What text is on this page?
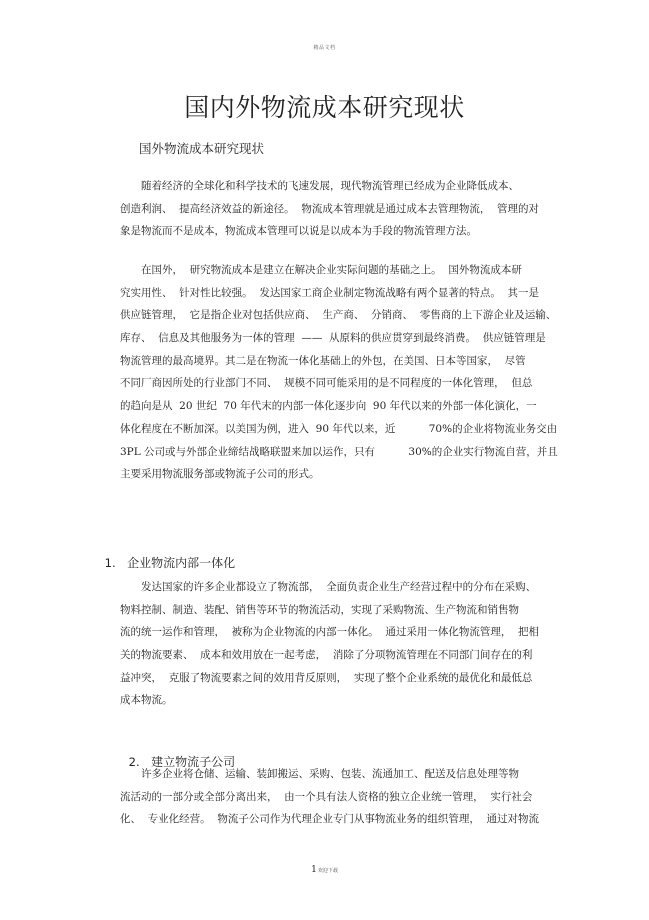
精品文档
国内外物流成本研究现状
国外物流成本研究现状
随着经济的全球化和科学技术的飞速发展，现代物流管理已经成为企业降低成本、
创造利润、  提高经济效益的新途径。  物流成本管理就是通过成本去管理物流，  管理的对
象是物流而不是成本，物流成本管理可以说是以成本为手段的物流管理方法。
在国外，  研究物流成本是建立在解决企业实际问题的基础之上。  国外物流成本研
究实用性、  针对性比较强。  发达国家工商企业制定物流战略有两个显著的特点。  其一是
供应链管理，  它是指企业对包括供应商、  生产商、  分销商、  零售商的上下游企业及运输、
库存、  信息及其他服务为一体的管理  ——  从原料的供应贯穿到最终消费。  供应链管理是
物流管理的最高境界。其二是在物流一体化基础上的外包，在美国、日本等国家，  尽管
不同厂商因所处的行业部门不同、  规模不同可能采用的是不同程度的一体化管理，  但总
的趋向是从  20 世纪  70 年代末的内部一体化逐步向  90 年代以来的外部一体化演化，一
体化程度在不断加深。以美国为例，进入  90 年代以来，近          70%的企业将物流业务交由
3PL 公司或与外部企业缔结战略联盟来加以运作，只有          30%的企业实行物流自营，并且
主要采用物流服务部或物流子公司的形式。

1. 企业物流内部一体化

发达国家的许多企业都设立了物流部，  全面负责企业生产经营过程中的分布在采购、
物料控制、制造、装配、销售等环节的物流活动，实现了采购物流、生产物流和销售物
流的统一运作和管理，  被称为企业物流的内部一体化。  通过采用一体化物流管理，  把相
关的物流要素、  成本和效用放在一起考虑，  消除了分项物流管理在不同部门间存在的利
益冲突，  克服了物流要素之间的效用背反原则，  实现了整个企业系统的最优化和最低总
成本物流。

2. 建立物流子公司

许多企业将仓储、运输、装卸搬运、采购、包装、流通加工、配送及信息处理等物
流活动的一部分或全部分离出来，  由一个具有法人资格的独立企业统一管理，  实行社会
化、  专业化经营。  物流子公司作为代理企业专门从事物流业务的组织管理，  通过对物流
1欢迎下载
